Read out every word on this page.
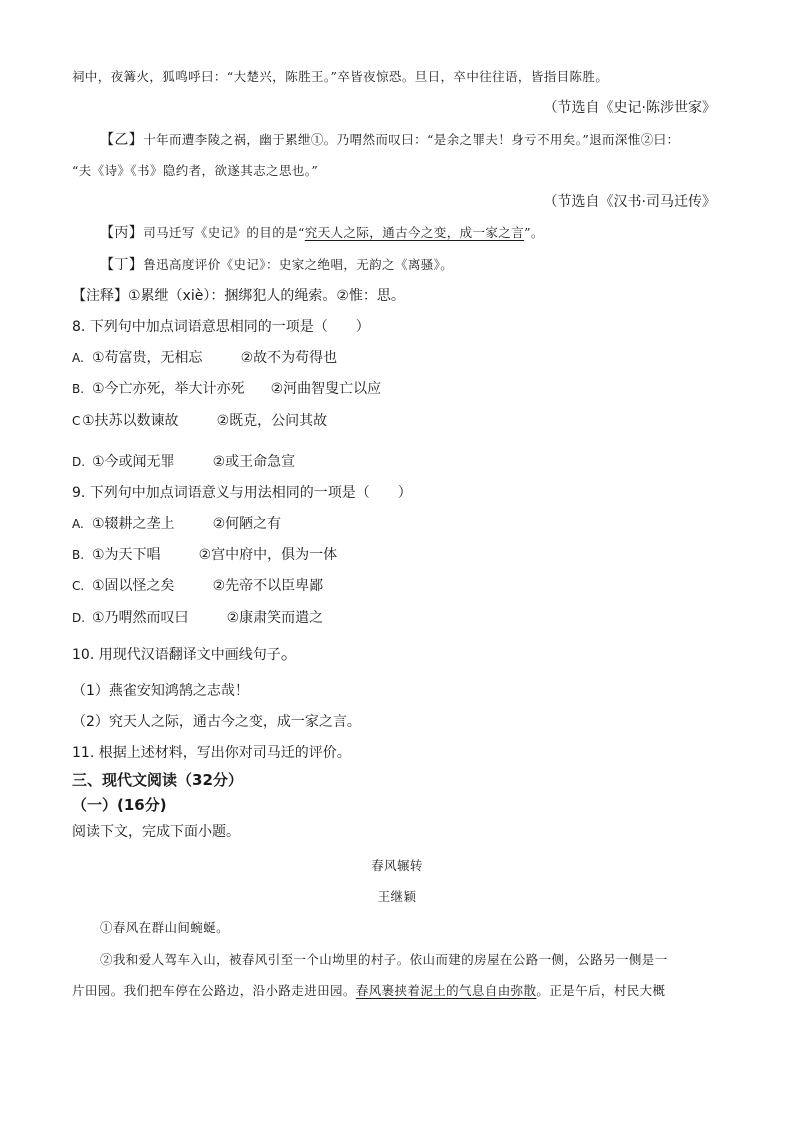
祠中，夜篝火，狐鸣呼曰：“大楚兴，陈胜王。”卒皆夜惊恐。旦日，卒中往往语，皆指目陈胜。
（节选自《史记·陈涉世家》
【乙】十年而遭李陵之祸，幽于累绁①。乃喟然而叹曰：“是余之罪夫！身亏不用矣。”退而深惟②曰：
“夫《诗》《书》隐约者，欲遂其志之思也。”
（节选自《汉书·司马迁传》
【丙】司马迁写《史记》的目的是“究天人之际，通古今之变，成一家之言”。
【丁】鲁迅高度评价《史记》：史家之绝唱，无韵之《离骚》。
【注释】①累绁（xiè）：捆绑犯人的绳索。②惟：思。
8. 下列句中加点词语意思相同的一项是（　　）
A. ①苟富贵，无相忘	②故不为苟得也
B. ①今亡亦死，举大计亦死 ②河曲智叟亡以应
C ①扶苏以数谏故	②既克，公问其故
D. ①今或闻无罪	②或王命急宣
9. 下列句中加点词语意义与用法相同的一项是（　　）
A. ①辍耕之垄上	②何陋之有
B. ①为天下唱	②宫中府中，俱为一体
C. ①固以怪之矣	②先帝不以臣卑鄙
D. ①乃喟然而叹曰	②康肃笑而遣之
10. 用现代汉语翻译文中画线句子。
（1）燕雀安知鸿鹄之志哉！
（2）究天人之际，通古今之变，成一家之言。
11. 根据上述材料，写出你对司马迁的评价。
三、现代文阅读（32分）
（一）(16分)
阅读下文，完成下面小题。
春风辗转
王继颖
①春风在群山间蜿蜒。
②我和爱人驾车入山，被春风引至一个山坳里的村子。依山而建的房屋在公路一侧，公路另一侧是一
片田园。我们把车停在公路边，沿小路走进田园。春风裹挟着泥土的气息自由弥散。正是午后，村民大概
